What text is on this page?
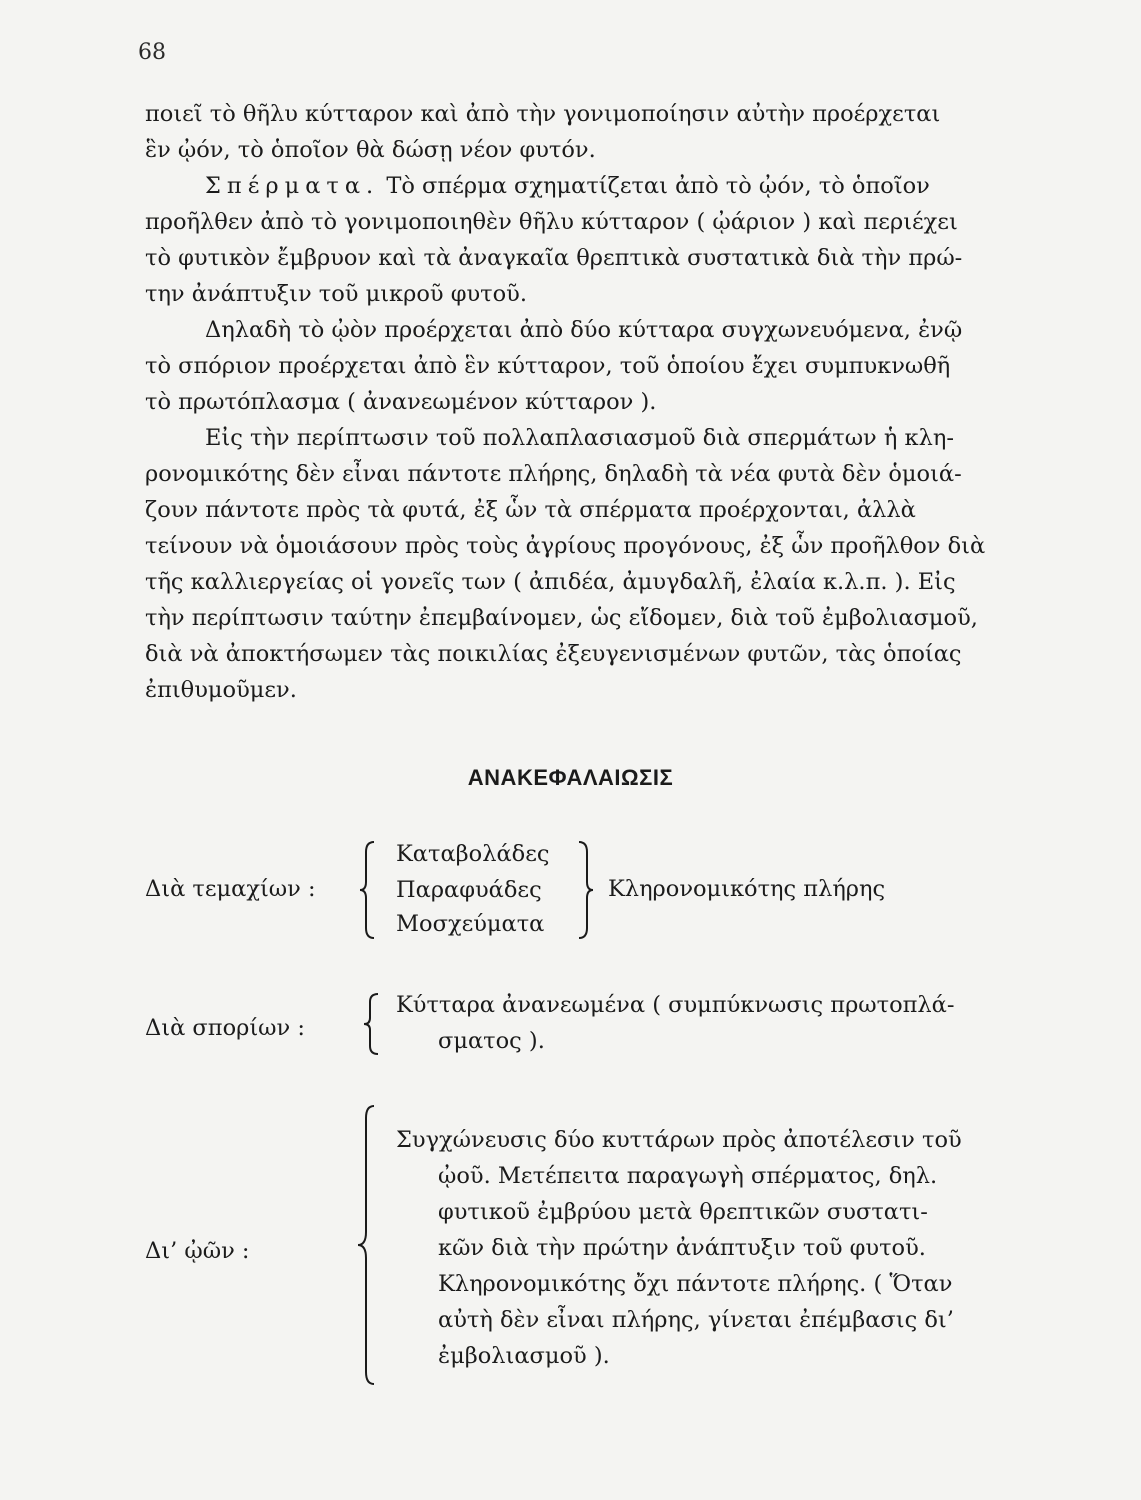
68
ποιεῖ τὸ θῆλυ κύτταρον καὶ ἀπὸ τὴν γονιμοποίησιν αὐτὴν προέρχεται
ἓν ᾠόν, τὸ ὁποῖον θὰ δώσῃ νέον φυτόν.
Σπέρματα. Τὸ σπέρμα σχηματίζεται ἀπὸ τὸ ᾠόν, τὸ ὁποῖον
προῆλθεν ἀπὸ τὸ γονιμοποιηθὲν θῆλυ κύτταρον ( ᾠάριον ) καὶ περιέχει
τὸ φυτικὸν ἔμβρυον καὶ τὰ ἀναγκαῖα θρεπτικὰ συστατικὰ διὰ τὴν πρώ-
την ἀνάπτυξιν τοῦ μικροῦ φυτοῦ.
Δηλαδὴ τὸ ᾠὸν προέρχεται ἀπὸ δύο κύτταρα συγχωνευόμενα, ἐνῷ
τὸ σπόριον προέρχεται ἀπὸ ἓν κύτταρον, τοῦ ὁποίου ἔχει συμπυκνωθῆ
τὸ πρωτόπλασμα ( ἀνανεωμένον κύτταρον ).
Εἰς τὴν περίπτωσιν τοῦ πολλαπλασιασμοῦ διὰ σπερμάτων ἡ κλη-
ρονομικότης δὲν εἶναι πάντοτε πλήρης, δηλαδὴ τὰ νέα φυτὰ δὲν ὁμοιά-
ζουν πάντοτε πρὸς τὰ φυτά, ἐξ ὧν τὰ σπέρματα προέρχονται, ἀλλὰ
τείνουν νὰ ὁμοιάσουν πρὸς τοὺς ἀγρίους προγόνους, ἐξ ὧν προῆλθον διὰ
τῆς καλλιεργείας οἱ γονεῖς των ( ἀπιδέα, ἀμυγδαλῆ, ἐλαία κ.λ.π. ). Εἰς
τὴν περίπτωσιν ταύτην ἐπεμβαίνομεν, ὡς εἴδομεν, διὰ τοῦ ἐμβολιασμοῦ,
διὰ νὰ ἀποκτήσωμεν τὰς ποικιλίας ἐξευγενισμένων φυτῶν, τὰς ὁποίας
ἐπιθυμοῦμεν.
ΑΝΑΚΕΦΑΛΑΙΩΣΙΣ
Διὰ τεμαχίων :
Καταβολάδες
Παραφυάδες
Μοσχεύματα
Κληρονομικότης πλήρης
Διὰ σπορίων :
Κύτταρα ἀνανεωμένα ( συμπύκνωσις πρωτοπλά-
σματος ).
Δι’ ᾠῶν :
Συγχώνευσις δύο κυττάρων πρὸς ἀποτέλεσιν τοῦ
ᾠοῦ. Μετέπειτα παραγωγὴ σπέρματος, δηλ.
φυτικοῦ ἐμβρύου μετὰ θρεπτικῶν συστατι-
κῶν διὰ τὴν πρώτην ἀνάπτυξιν τοῦ φυτοῦ.
Κληρονομικότης ὄχι πάντοτε πλήρης. ( Ὅταν
αὐτὴ δὲν εἶναι πλήρης, γίνεται ἐπέμβασις δι’
ἐμβολιασμοῦ ).
